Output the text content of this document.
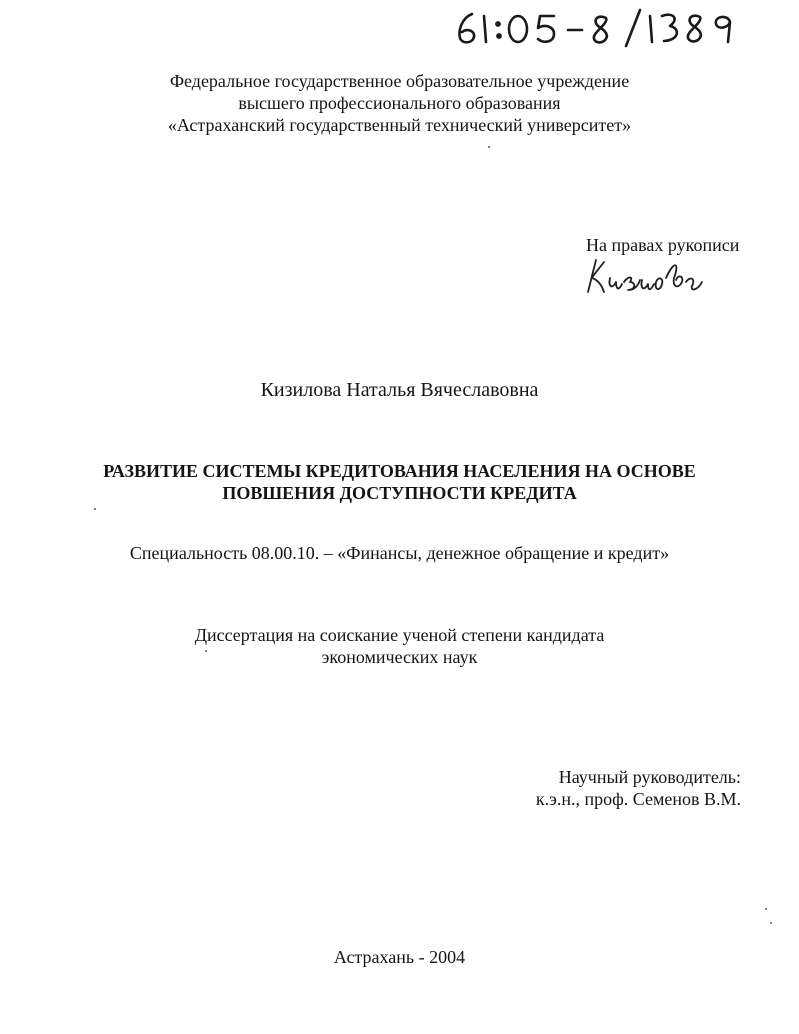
Федеральное государственное образовательное учреждение
высшего профессионального образования
«Астраханский государственный технический университет»
На правах рукописи
Кизилова Наталья Вячеславовна
РАЗВИТИЕ СИСТЕМЫ КРЕДИТОВАНИЯ НАСЕЛЕНИЯ НА ОСНОВЕ
ПОВШЕНИЯ ДОСТУПНОСТИ КРЕДИТА
Специальность 08.00.10. – «Финансы, денежное обращение и кредит»
Диссертация на соискание ученой степени кандидата
экономических наук
Научный руководитель:
к.э.н., проф. Семенов В.М.
Астрахань - 2004
